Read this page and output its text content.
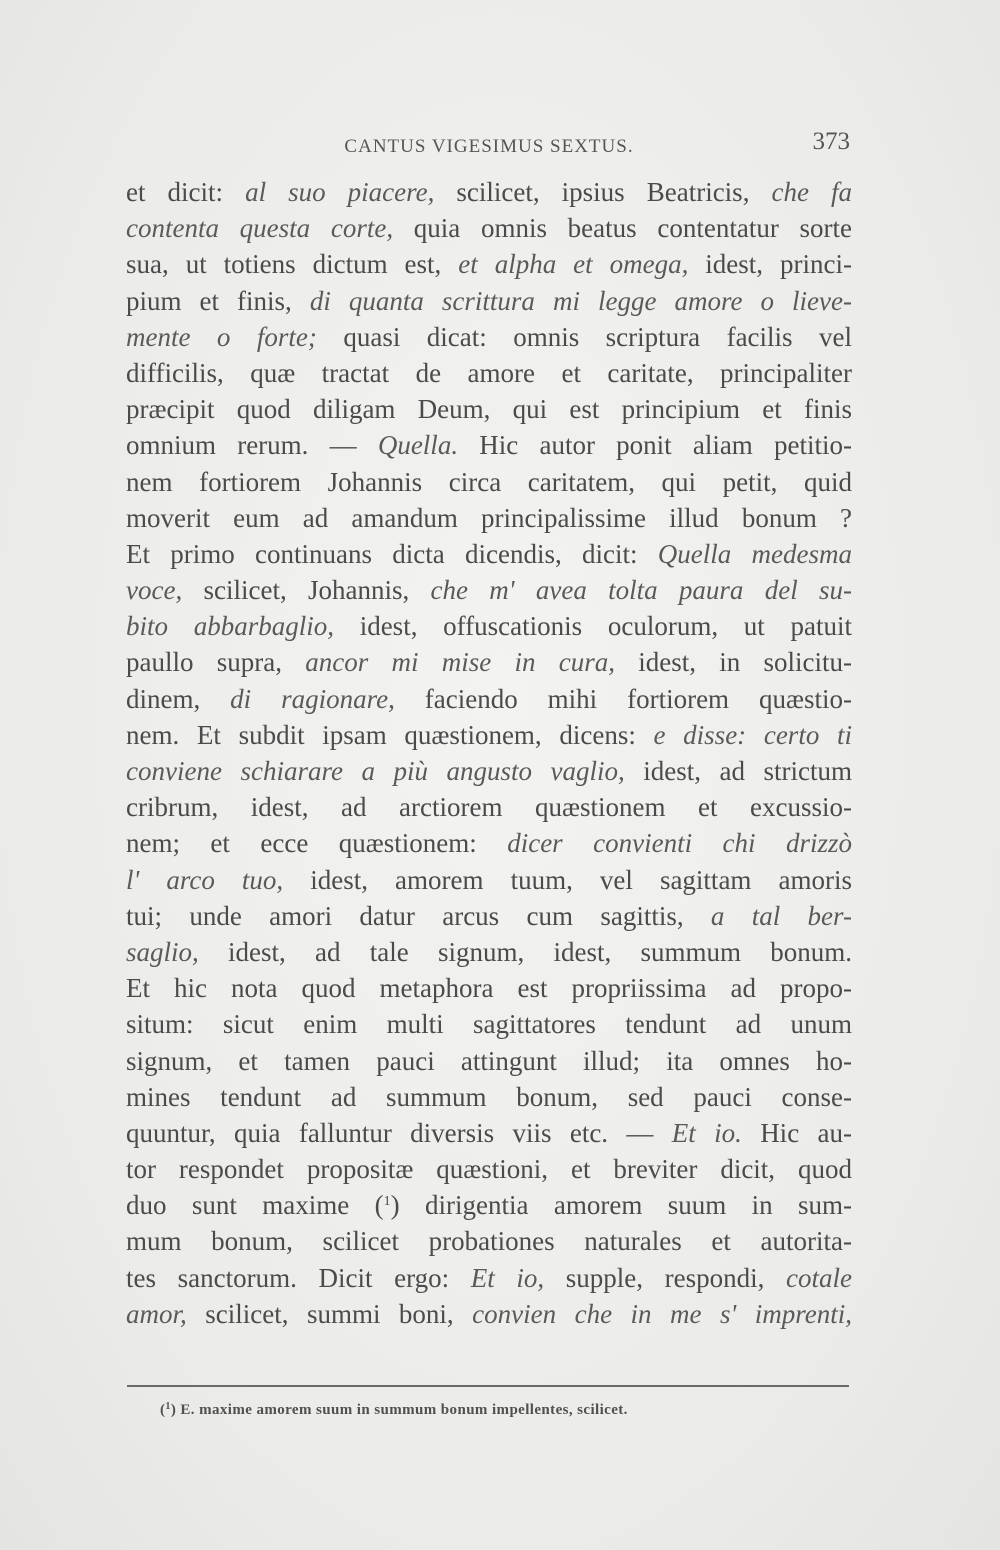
CANTUS VIGESIMUS SEXTUS.	373
et dicit: al suo piacere, scilicet, ipsius Beatricis, che fa
contenta questa corte, quia omnis beatus contentatur sorte
sua, ut totiens dictum est, et alpha et omega, idest, princi-
pium et finis, di quanta scrittura mi legge amore o lieve-
mente o forte; quasi dicat: omnis scriptura facilis vel
difficilis, quæ tractat de amore et caritate, principaliter
præcipit quod diligam Deum, qui est principium et finis
omnium rerum. — Quella. Hic autor ponit aliam petitio-
nem fortiorem Johannis circa caritatem, qui petit, quid
moverit eum ad amandum principalissime illud bonum ?
Et primo continuans dicta dicendis, dicit: Quella medesma
voce, scilicet, Johannis, che m' avea tolta paura del su-
bito abbarbaglio, idest, offuscationis oculorum, ut patuit
paullo supra, ancor mi mise in cura, idest, in solicitu-
dinem, di ragionare, faciendo mihi fortiorem quæstio-
nem. Et subdit ipsam quæstionem, dicens: e disse: certo ti
conviene schiarare a più angusto vaglio, idest, ad strictum
cribrum, idest, ad arctiorem quæstionem et excussio-
nem; et ecce quæstionem: dicer convienti chi drizzò
l' arco tuo, idest, amorem tuum, vel sagittam amoris
tui; unde amori datur arcus cum sagittis, a tal ber-
saglio, idest, ad tale signum, idest, summum bonum.
Et hic nota quod metaphora est propriissima ad propo-
situm: sicut enim multi sagittatores tendunt ad unum
signum, et tamen pauci attingunt illud; ita omnes ho-
mines tendunt ad summum bonum, sed pauci conse-
quuntur, quia falluntur diversis viis etc. — Et io. Hic au-
tor respondet propositæ quæstioni, et breviter dicit, quod
duo sunt maxime ($^1$) dirigentia amorem suum in sum-
mum bonum, scilicet probationes naturales et autorita-
tes sanctorum. Dicit ergo: Et io, supple, respondi, cotale
amor, scilicet, summi boni, convien che in me s' imprenti,
($^1$) E. maxime amorem suum in summum bonum impellentes, scilicet.
